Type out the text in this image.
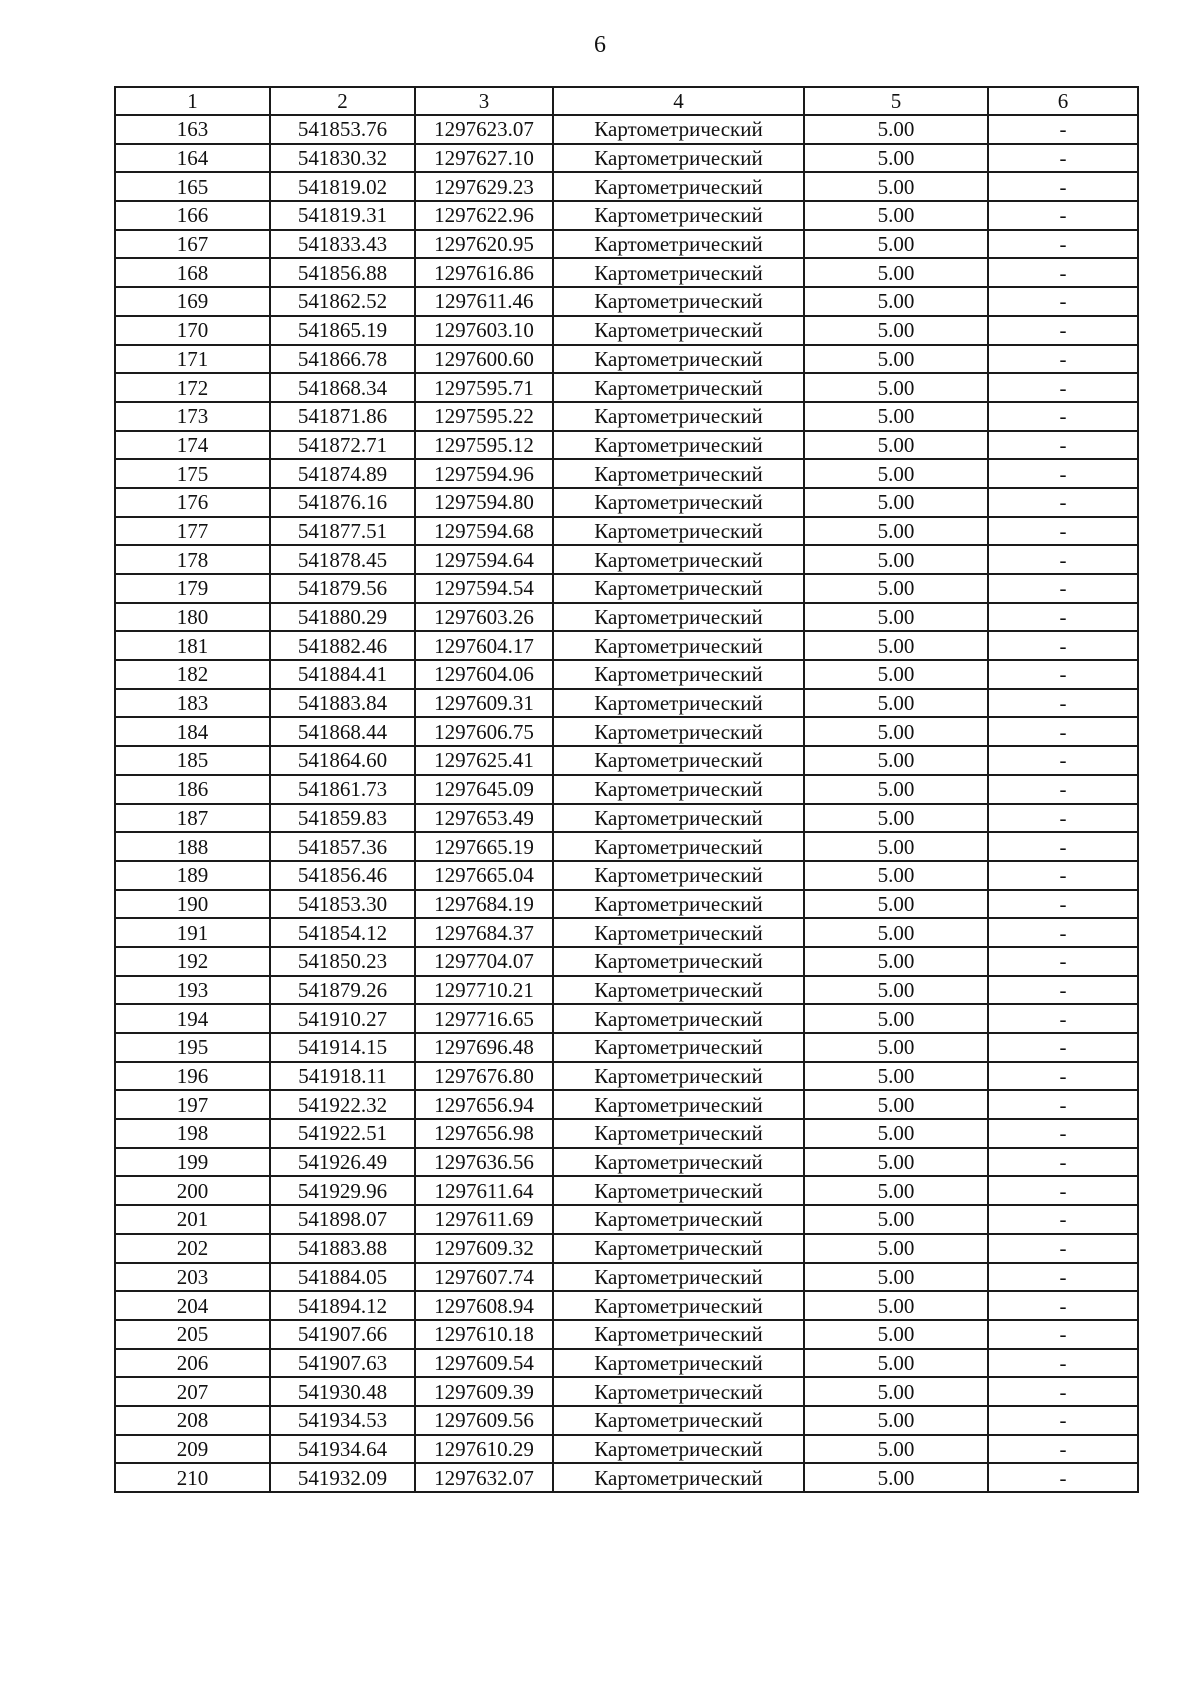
6
1	2	3	4	5	6
163	541853.76	1297623.07	Картометрический	5.00	-
164	541830.32	1297627.10	Картометрический	5.00	-
165	541819.02	1297629.23	Картометрический	5.00	-
166	541819.31	1297622.96	Картометрический	5.00	-
167	541833.43	1297620.95	Картометрический	5.00	-
168	541856.88	1297616.86	Картометрический	5.00	-
169	541862.52	1297611.46	Картометрический	5.00	-
170	541865.19	1297603.10	Картометрический	5.00	-
171	541866.78	1297600.60	Картометрический	5.00	-
172	541868.34	1297595.71	Картометрический	5.00	-
173	541871.86	1297595.22	Картометрический	5.00	-
174	541872.71	1297595.12	Картометрический	5.00	-
175	541874.89	1297594.96	Картометрический	5.00	-
176	541876.16	1297594.80	Картометрический	5.00	-
177	541877.51	1297594.68	Картометрический	5.00	-
178	541878.45	1297594.64	Картометрический	5.00	-
179	541879.56	1297594.54	Картометрический	5.00	-
180	541880.29	1297603.26	Картометрический	5.00	-
181	541882.46	1297604.17	Картометрический	5.00	-
182	541884.41	1297604.06	Картометрический	5.00	-
183	541883.84	1297609.31	Картометрический	5.00	-
184	541868.44	1297606.75	Картометрический	5.00	-
185	541864.60	1297625.41	Картометрический	5.00	-
186	541861.73	1297645.09	Картометрический	5.00	-
187	541859.83	1297653.49	Картометрический	5.00	-
188	541857.36	1297665.19	Картометрический	5.00	-
189	541856.46	1297665.04	Картометрический	5.00	-
190	541853.30	1297684.19	Картометрический	5.00	-
191	541854.12	1297684.37	Картометрический	5.00	-
192	541850.23	1297704.07	Картометрический	5.00	-
193	541879.26	1297710.21	Картометрический	5.00	-
194	541910.27	1297716.65	Картометрический	5.00	-
195	541914.15	1297696.48	Картометрический	5.00	-
196	541918.11	1297676.80	Картометрический	5.00	-
197	541922.32	1297656.94	Картометрический	5.00	-
198	541922.51	1297656.98	Картометрический	5.00	-
199	541926.49	1297636.56	Картометрический	5.00	-
200	541929.96	1297611.64	Картометрический	5.00	-
201	541898.07	1297611.69	Картометрический	5.00	-
202	541883.88	1297609.32	Картометрический	5.00	-
203	541884.05	1297607.74	Картометрический	5.00	-
204	541894.12	1297608.94	Картометрический	5.00	-
205	541907.66	1297610.18	Картометрический	5.00	-
206	541907.63	1297609.54	Картометрический	5.00	-
207	541930.48	1297609.39	Картометрический	5.00	-
208	541934.53	1297609.56	Картометрический	5.00	-
209	541934.64	1297610.29	Картометрический	5.00	-
210	541932.09	1297632.07	Картометрический	5.00	-
